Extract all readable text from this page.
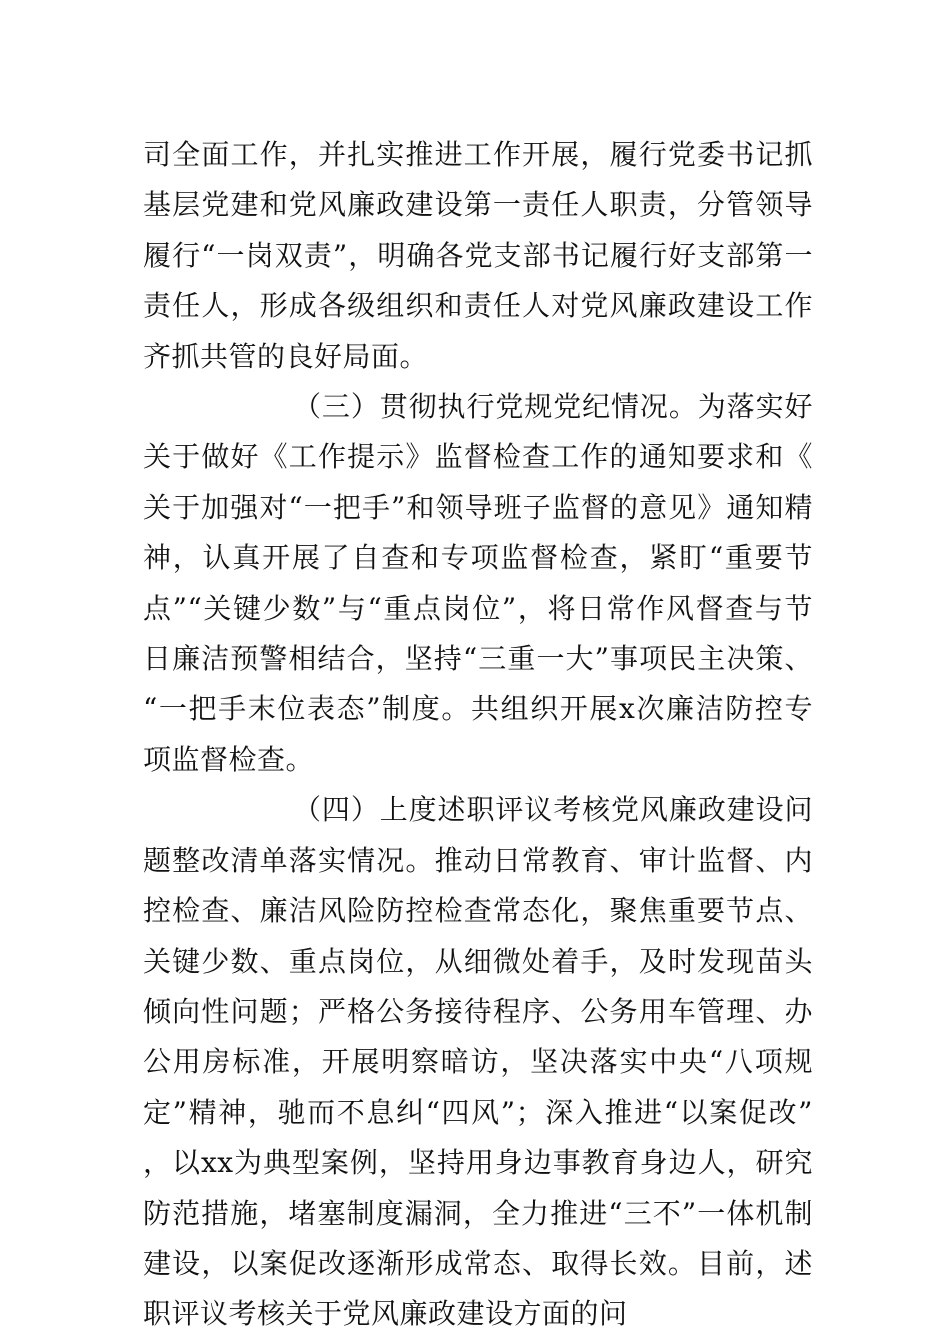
司全面工作，并扎实推进工作开展，履行党委书记抓基层党建和党风廉政建设第一责任人职责，分管领导履行“一岗双责”，明确各党支部书记履行好支部第一责任人，形成各级组织和责任人对党风廉政建设工作齐抓共管的良好局面。

（三）贯彻执行党规党纪情况。为落实好关于做好《工作提示》监督检查工作的通知要求和《关于加强对“一把手”和领导班子监督的意见》通知精神，认真开展了自查和专项监督检查，紧盯“重要节点”“关键少数”与“重点岗位”，将日常作风督查与节日廉洁预警相结合，坚持“三重一大”事项民主决策、“一把手末位表态”制度。共组织开展x次廉洁防控专项监督检查。

（四）上度述职评议考核党风廉政建设问题整改清单落实情况。推动日常教育、审计监督、内控检查、廉洁风险防控检查常态化，聚焦重要节点、关键少数、重点岗位，从细微处着手，及时发现苗头倾向性问题；严格公务接待程序、公务用车管理、办公用房标准，开展明察暗访，坚决落实中央“八项规定”精神，驰而不息纠“四风”；深入推进“以案促改”，以xx为典型案例，坚持用身边事教育身边人，研究防范措施，堵塞制度漏洞，全力推进“三不”一体机制建设，以案促改逐渐形成常态、取得长效。目前，述职评议考核关于党风廉政建设方面的问
